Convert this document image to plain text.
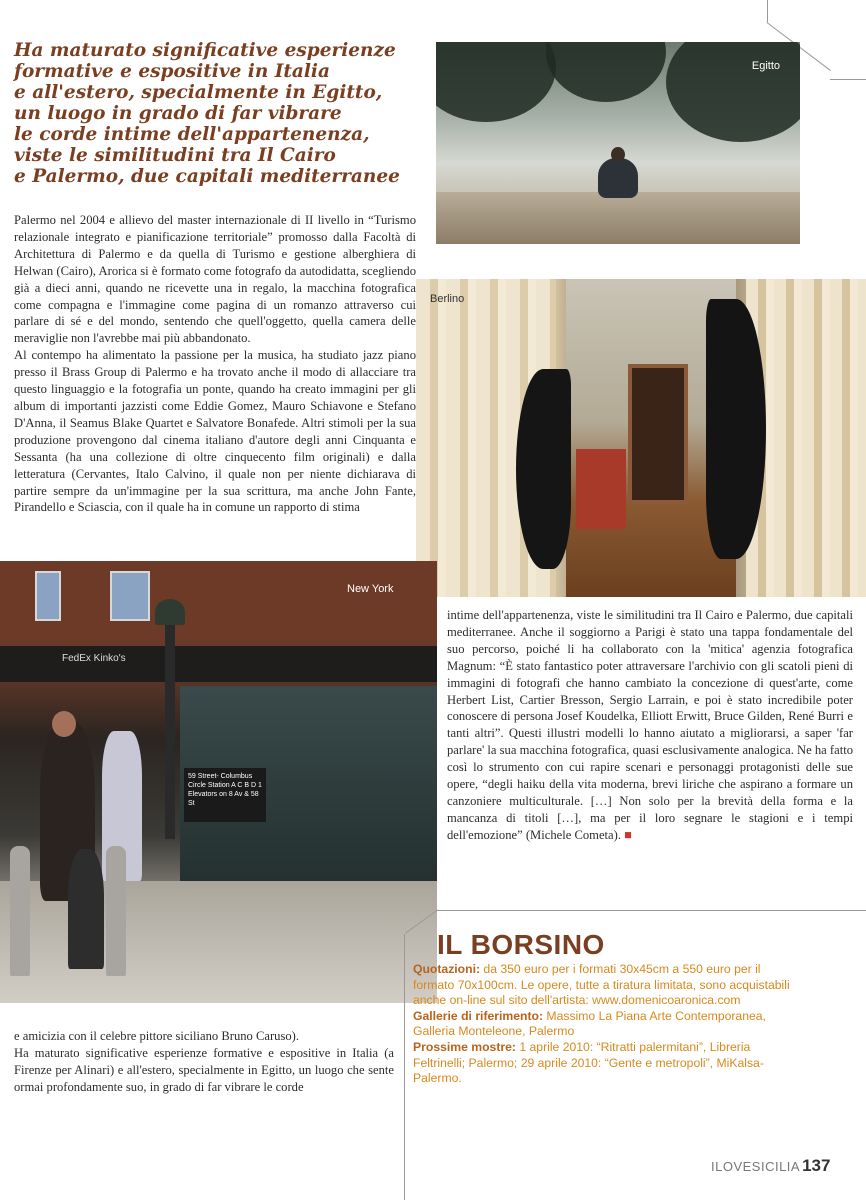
Ha maturato significative esperienze
formative e espositive in Italia
e all'estero, specialmente in Egitto,
un luogo in grado di far vibrare
le corde intime dell'appartenenza,
viste le similitudini tra Il Cairo
e Palermo, due capitali mediterranee
Egitto

Palermo nel 2004 e allievo del master internazionale di II livello in “Turismo relazionale integrato e pianificazione territoriale” promosso dalla Facoltà di Architettura di Palermo e da quella di Turismo e gestione alberghiera di Helwan (Cairo), Arorica si è formato come fotografo da autodidatta, scegliendo già a dieci anni, quando ne ricevette una in regalo, la macchina fotografica come compagna e l'immagine come pagina di un romanzo attraverso cui parlare di sé e del mondo, sentendo che quell'oggetto, quella camera delle meraviglie non l'avrebbe mai più abbandonato.

Al contempo ha alimentato la passione per la musica, ha studiato jazz piano presso il Brass Group di Palermo e ha trovato anche il modo di allacciare tra questo linguaggio e la fotografia un ponte, quando ha creato immagini per gli album di importanti jazzisti come Eddie Gomez, Mauro Schiavone e Stefano D'Anna, il Seamus Blake Quartet e Salvatore Bonafede. Altri stimoli per la sua produzione provengono dal cinema italiano d'autore degli anni Cinquanta e Sessanta (ha una collezione di oltre cinquecento film originali) e dalla letteratura (Cervantes, Italo Calvino, il quale non per niente dichiarava di partire sempre da un'immagine per la sua scrittura, ma anche John Fante, Pirandello e Sciascia, con il quale ha in comune un rapporto di stima

Berlino
FedEx Kinko's
59 Street- Columbus Circle Station A C B D 1 Elevators on 8 Av & 58 St
New York

intime dell'appartenenza, viste le similitudini tra Il Cairo e Palermo, due capitali mediterranee. Anche il soggiorno a Parigi è stato una tappa fondamentale del suo percorso, poiché li ha collaborato con la 'mitica' agenzia fotografica Magnum: “È stato fantastico poter attraversare l'archivio con gli scatoli pieni di immagini di fotografi che hanno cambiato la concezione di quest'arte, come Herbert List, Cartier Bresson, Sergio Larrain, e poi è stato incredibile poter conoscere di persona Josef Koudelka, Elliott Erwitt, Bruce Gilden, René Burri e tanti altri”. Questi illustri modelli lo hanno aiutato a migliorarsi, a saper 'far parlare' la sua macchina fotografica, quasi esclusivamente analogica. Ne ha fatto così lo strumento con cui rapire scenari e personaggi protagonisti delle sue opere, “degli haiku della vita moderna, brevi liriche che aspirano a formare un canzoniere multiculturale. […] Non solo per la brevità della forma e la mancanza di titoli […], ma per il loro segnare le stagioni e i tempi dell'emozione” (Michele Cometa). ■

e amicizia con il celebre pittore siciliano Bruno Caruso).

Ha maturato significative esperienze formative e espositive in Italia (a Firenze per Alinari) e all'estero, specialmente in Egitto, un luogo che sente ormai profondamente suo, in grado di far vibrare le corde

IL BORSINO

Quotazioni: da 350 euro per i formati 30x45cm a 550 euro per il formato 70x100cm. Le opere, tutte a tiratura limitata, sono acquistabili anche on-line sul sito dell'artista: www.domenicoaronica.com

Gallerie di riferimento: Massimo La Piana Arte Contemporanea, Galleria Monteleone, Palermo

Prossime mostre: 1 aprile 2010: “Ritratti palermitani”, Libreria Feltrinelli; Palermo; 29 aprile 2010: “Gente e metropoli”, MiKalsa-Palermo.

ILOVESICILIA 137
